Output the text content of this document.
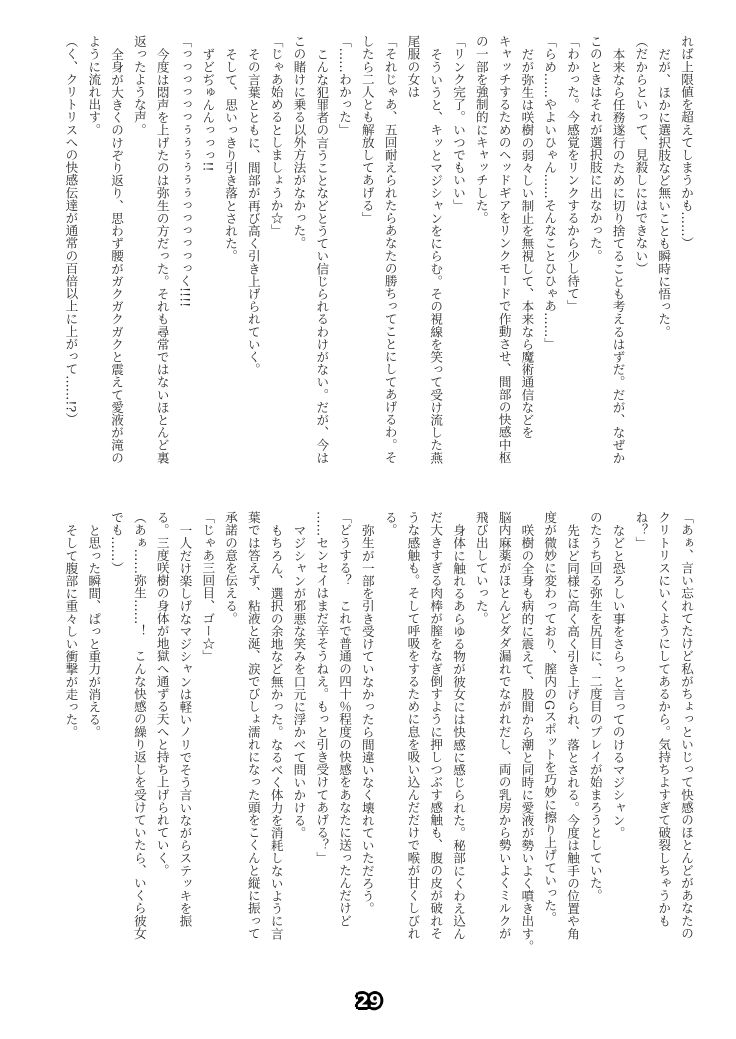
れば上限値を超えてしまうかも……）
だが、ほかに選択肢など無いことも瞬時に悟った。
（だからといって、見殺しにはできない）
本来なら任務遂行のために切り捨てることも考えるはずだ。だが、なぜか
このときはそれが選択肢に出なかった。
「わかった。今感覚をリンクするから少し待て」
「らめ……やよいひゃん……そんなことひひゃあ……」
だが弥生は咲樹の弱々しい制止を無視して、本来なら魔術通信などを
キャッチするためのヘッドギアをリンクモードで作動させ、間部の快感中枢
の一部を強制的にキャッチした。
「リンク完了。いつでもいい」
そういうと、キッとマジシャンをにらむ。その視線を笑って受け流した燕
尾服の女は
「それじゃあ、五回耐えられたらあなたの勝ちってことにしてあげるわ。そ
したら二人とも解放してあげる」
「……わかった」
こんな犯罪者の言うことなどとうてい信じられるわけがない。だが、今は
この賭けに乗る以外方法がなかった。
「じゃあ始めるとしましょうか☆」
その言葉とともに、間部が再び高く引き上げられていく。
そして、思いっきり引き落とされた。
ずどぢゅんんっっっ!!
「っっっっっっぅぅぅぅぅぅっっっっっっく!!!!
今度は悶声を上げたのは弥生の方だった。それも尋常ではないほとんど裏
返ったような声。
全身が大きくのけぞり返り、思わず腰がガクガクガクと震えて愛液が滝の
ように流れ出す。
（く、クリトリスへの快感伝達が通常の百倍以上に上がって……!?）
「あぁ、言い忘れてたけど私がちょっといじって快感のほとんどがあなたの
クリトリスにいくようにしてあるから。気持ちよすぎて破裂しちゃうかも
ね？」
などと恐ろしい事をさらっと言ってのけるマジシャン。
のたうち回る弥生を尻目に、二度目のプレイが始まろうとしていた。
先ほど同様に高く高く引き上げられ、落とされる。今度は触手の位置や角
度が微妙に変わっており、膣内のGスポットを巧妙に擦り上げていった。
咲樹の全身も病的に震えて、股間から潮と同時に愛液が勢いよく噴き出す。
脳内麻薬がほとんどダダ漏れでながれだし、両の乳房から勢いよくミルクが
飛び出していった。
身体に触れるあらゆる物が彼女には快感に感じられた。秘部にくわえ込ん
だ大きすぎる肉棒が膣をなぎ倒すように押しつぶす感触も、腹の皮が破れそ
うな感触も。そして呼吸をするために息を吸い込んだだけで喉が甘くしびれ
る。
弥生が一部を引き受けていなかったら間違いなく壊れていただろう。
「どうする？　これで普通の四十％程度の快感をあなたに送ったんだけど
……センセイはまだ辛そうねえ。もっと引き受けてあげる？」
マジシャンが邪悪な笑みを口元に浮かべて問いかける。
もちろん、選択の余地など無かった。なるべく体力を消耗しないように言
葉では答えず、粘液と涎、涙でびしょ濡れになった頭をこくんと縦に振って
承諾の意を伝える。
「じゃあ三回目、ゴー☆」
一人だけ楽しげなマジシャンは軽いノリでそう言いながらステッキを振
る。三度咲樹の身体が地獄へ通ずる天へと持ち上げられていく。
（あぁ……弥生……！　こんな快感の繰り返しを受けていたら、いくら彼女
でも……）
と思った瞬間、ぱっと重力が消える。
そして腹部に重々しい衝撃が走った。
29
